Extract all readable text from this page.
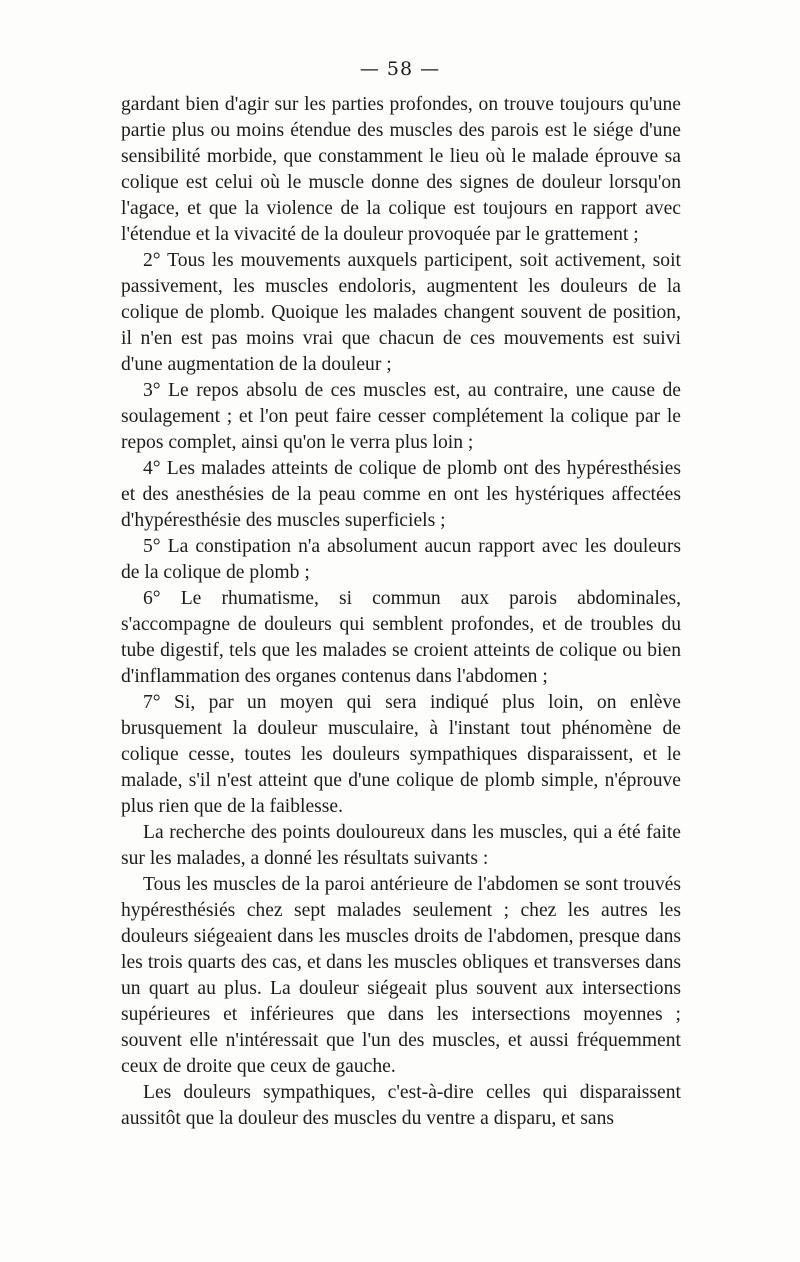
— 58 —

gardant bien d'agir sur les parties profondes, on trouve toujours qu'une partie plus ou moins étendue des muscles des parois est le siége d'une sensibilité morbide, que constamment le lieu où le malade éprouve sa colique est celui où le muscle donne des signes de douleur lorsqu'on l'agace, et que la violence de la colique est toujours en rapport avec l'étendue et la vivacité de la douleur provoquée par le grattement ;

2° Tous les mouvements auxquels participent, soit activement, soit passivement, les muscles endoloris, augmentent les douleurs de la colique de plomb. Quoique les malades changent souvent de position, il n'en est pas moins vrai que chacun de ces mouvements est suivi d'une augmentation de la douleur ;

3° Le repos absolu de ces muscles est, au contraire, une cause de soulagement ; et l'on peut faire cesser complétement la colique par le repos complet, ainsi qu'on le verra plus loin ;

4° Les malades atteints de colique de plomb ont des hypéresthésies et des anesthésies de la peau comme en ont les hystériques affectées d'hypéresthésie des muscles superficiels ;

5° La constipation n'a absolument aucun rapport avec les douleurs de la colique de plomb ;

6° Le rhumatisme, si commun aux parois abdominales, s'accompagne de douleurs qui semblent profondes, et de troubles du tube digestif, tels que les malades se croient atteints de colique ou bien d'inflammation des organes contenus dans l'abdomen ;

7° Si, par un moyen qui sera indiqué plus loin, on enlève brusquement la douleur musculaire, à l'instant tout phénomène de colique cesse, toutes les douleurs sympathiques disparaissent, et le malade, s'il n'est atteint que d'une colique de plomb simple, n'éprouve plus rien que de la faiblesse.

La recherche des points douloureux dans les muscles, qui a été faite sur les malades, a donné les résultats suivants :

Tous les muscles de la paroi antérieure de l'abdomen se sont trouvés hypéresthésiés chez sept malades seulement ; chez les autres les douleurs siégeaient dans les muscles droits de l'abdomen, presque dans les trois quarts des cas, et dans les muscles obliques et transverses dans un quart au plus. La douleur siégeait plus souvent aux intersections supérieures et inférieures que dans les intersections moyennes ; souvent elle n'intéressait que l'un des muscles, et aussi fréquemment ceux de droite que ceux de gauche.

Les douleurs sympathiques, c'est-à-dire celles qui disparaissent aussitôt que la douleur des muscles du ventre a disparu, et sans
